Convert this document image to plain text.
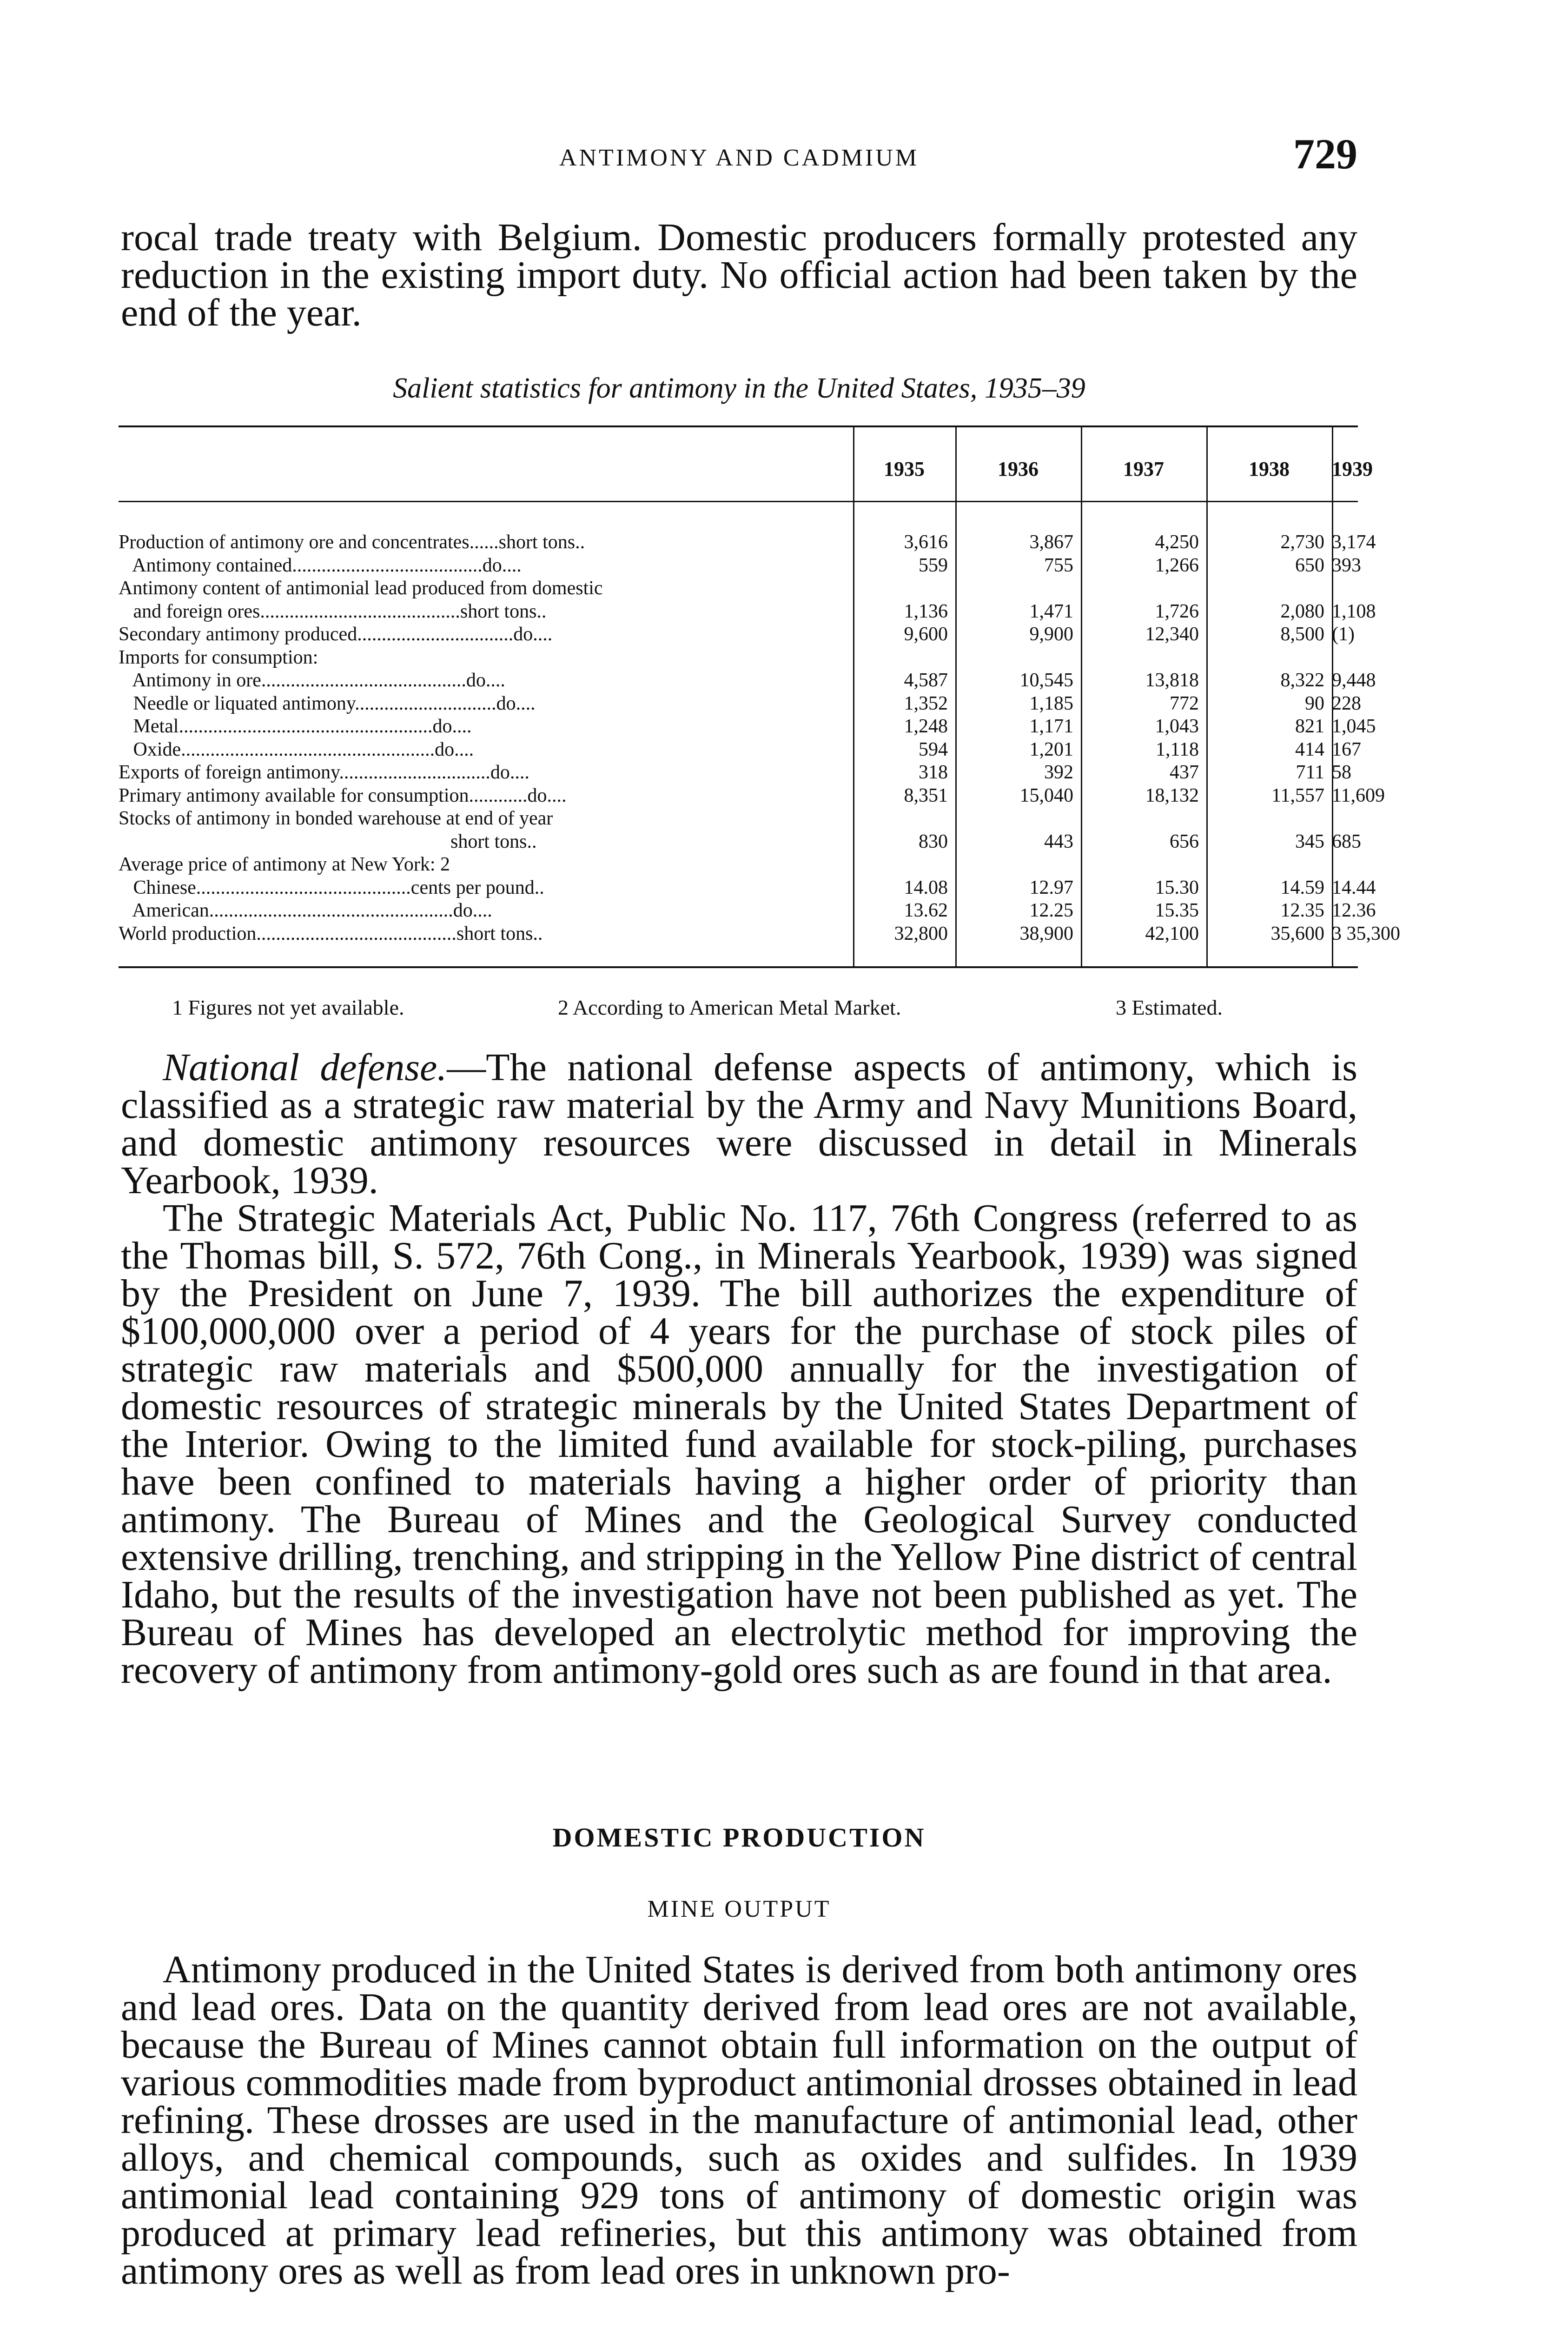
ANTIMONY AND CADMIUM	729

rocal trade treaty with Belgium. Domestic producers formally protested any reduction in the existing import duty. No official action had been taken by the end of the year.

Salient statistics for antimony in the United States, 1935–39
1935	1936	1937	1938	1939
Production of antimony ore and concentrates......short tons..	3,616	3,867	4,250	2,730 3,174
Antimony contained.......................................do....	559	755	1,266	650 393
Antimony content of antimonial lead produced from domestic
and foreign ores.........................................short tons..	1,136	1,471	1,726	2,080 1,108
Secondary antimony produced................................do....	9,600	9,900	12,340	8,500 (1)
Imports for consumption:
Antimony in ore..........................................do....	4,587	10,545	13,818	8,322 9,448
Needle or liquated antimony.............................do....	1,352	1,185	772	90 228
Metal....................................................do....	1,248	1,171	1,043	821 1,045
Oxide....................................................do....	594	1,201	1,118	414 167
Exports of foreign antimony...............................do....	318	392	437	711 58
Primary antimony available for consumption............do....	8,351	15,040	18,132	11,557 11,609
Stocks of antimony in bonded warehouse at end of year
short tons..	830	443	656	345 685
Average price of antimony at New York: 2
Chinese............................................cents per pound..	14.08	12.97	15.30	14.59 14.44
American..................................................do....	13.62	12.25	15.35	12.35 12.36
World production.........................................short tons..	32,800	38,900	42,100	35,600 3 35,300
1 Figures not yet available.	2 According to American Metal Market.	3 Estimated.

National defense.—The national defense aspects of antimony, which is classified as a strategic raw material by the Army and Navy Munitions Board, and domestic antimony resources were discussed in detail in Minerals Yearbook, 1939.

The Strategic Materials Act, Public No. 117, 76th Congress (referred to as the Thomas bill, S. 572, 76th Cong., in Minerals Yearbook, 1939) was signed by the President on June 7, 1939. The bill authorizes the expenditure of $100,000,000 over a period of 4 years for the purchase of stock piles of strategic raw materials and $500,000 annually for the investigation of domestic resources of strategic minerals by the United States Department of the Interior. Owing to the limited fund available for stock-piling, purchases have been confined to materials having a higher order of priority than antimony. The Bureau of Mines and the Geological Survey conducted extensive drilling, trenching, and stripping in the Yellow Pine district of central Idaho, but the results of the investigation have not been published as yet. The Bureau of Mines has developed an electrolytic method for improving the recovery of antimony from antimony-gold ores such as are found in that area.

DOMESTIC PRODUCTION
MINE OUTPUT

Antimony produced in the United States is derived from both antimony ores and lead ores. Data on the quantity derived from lead ores are not available, because the Bureau of Mines cannot obtain full information on the output of various commodities made from byproduct antimonial drosses obtained in lead refining. These drosses are used in the manufacture of antimonial lead, other alloys, and chemical compounds, such as oxides and sulfides. In 1939 antimonial lead containing 929 tons of antimony of domestic origin was produced at primary lead refineries, but this antimony was obtained from antimony ores as well as from lead ores in unknown pro-
